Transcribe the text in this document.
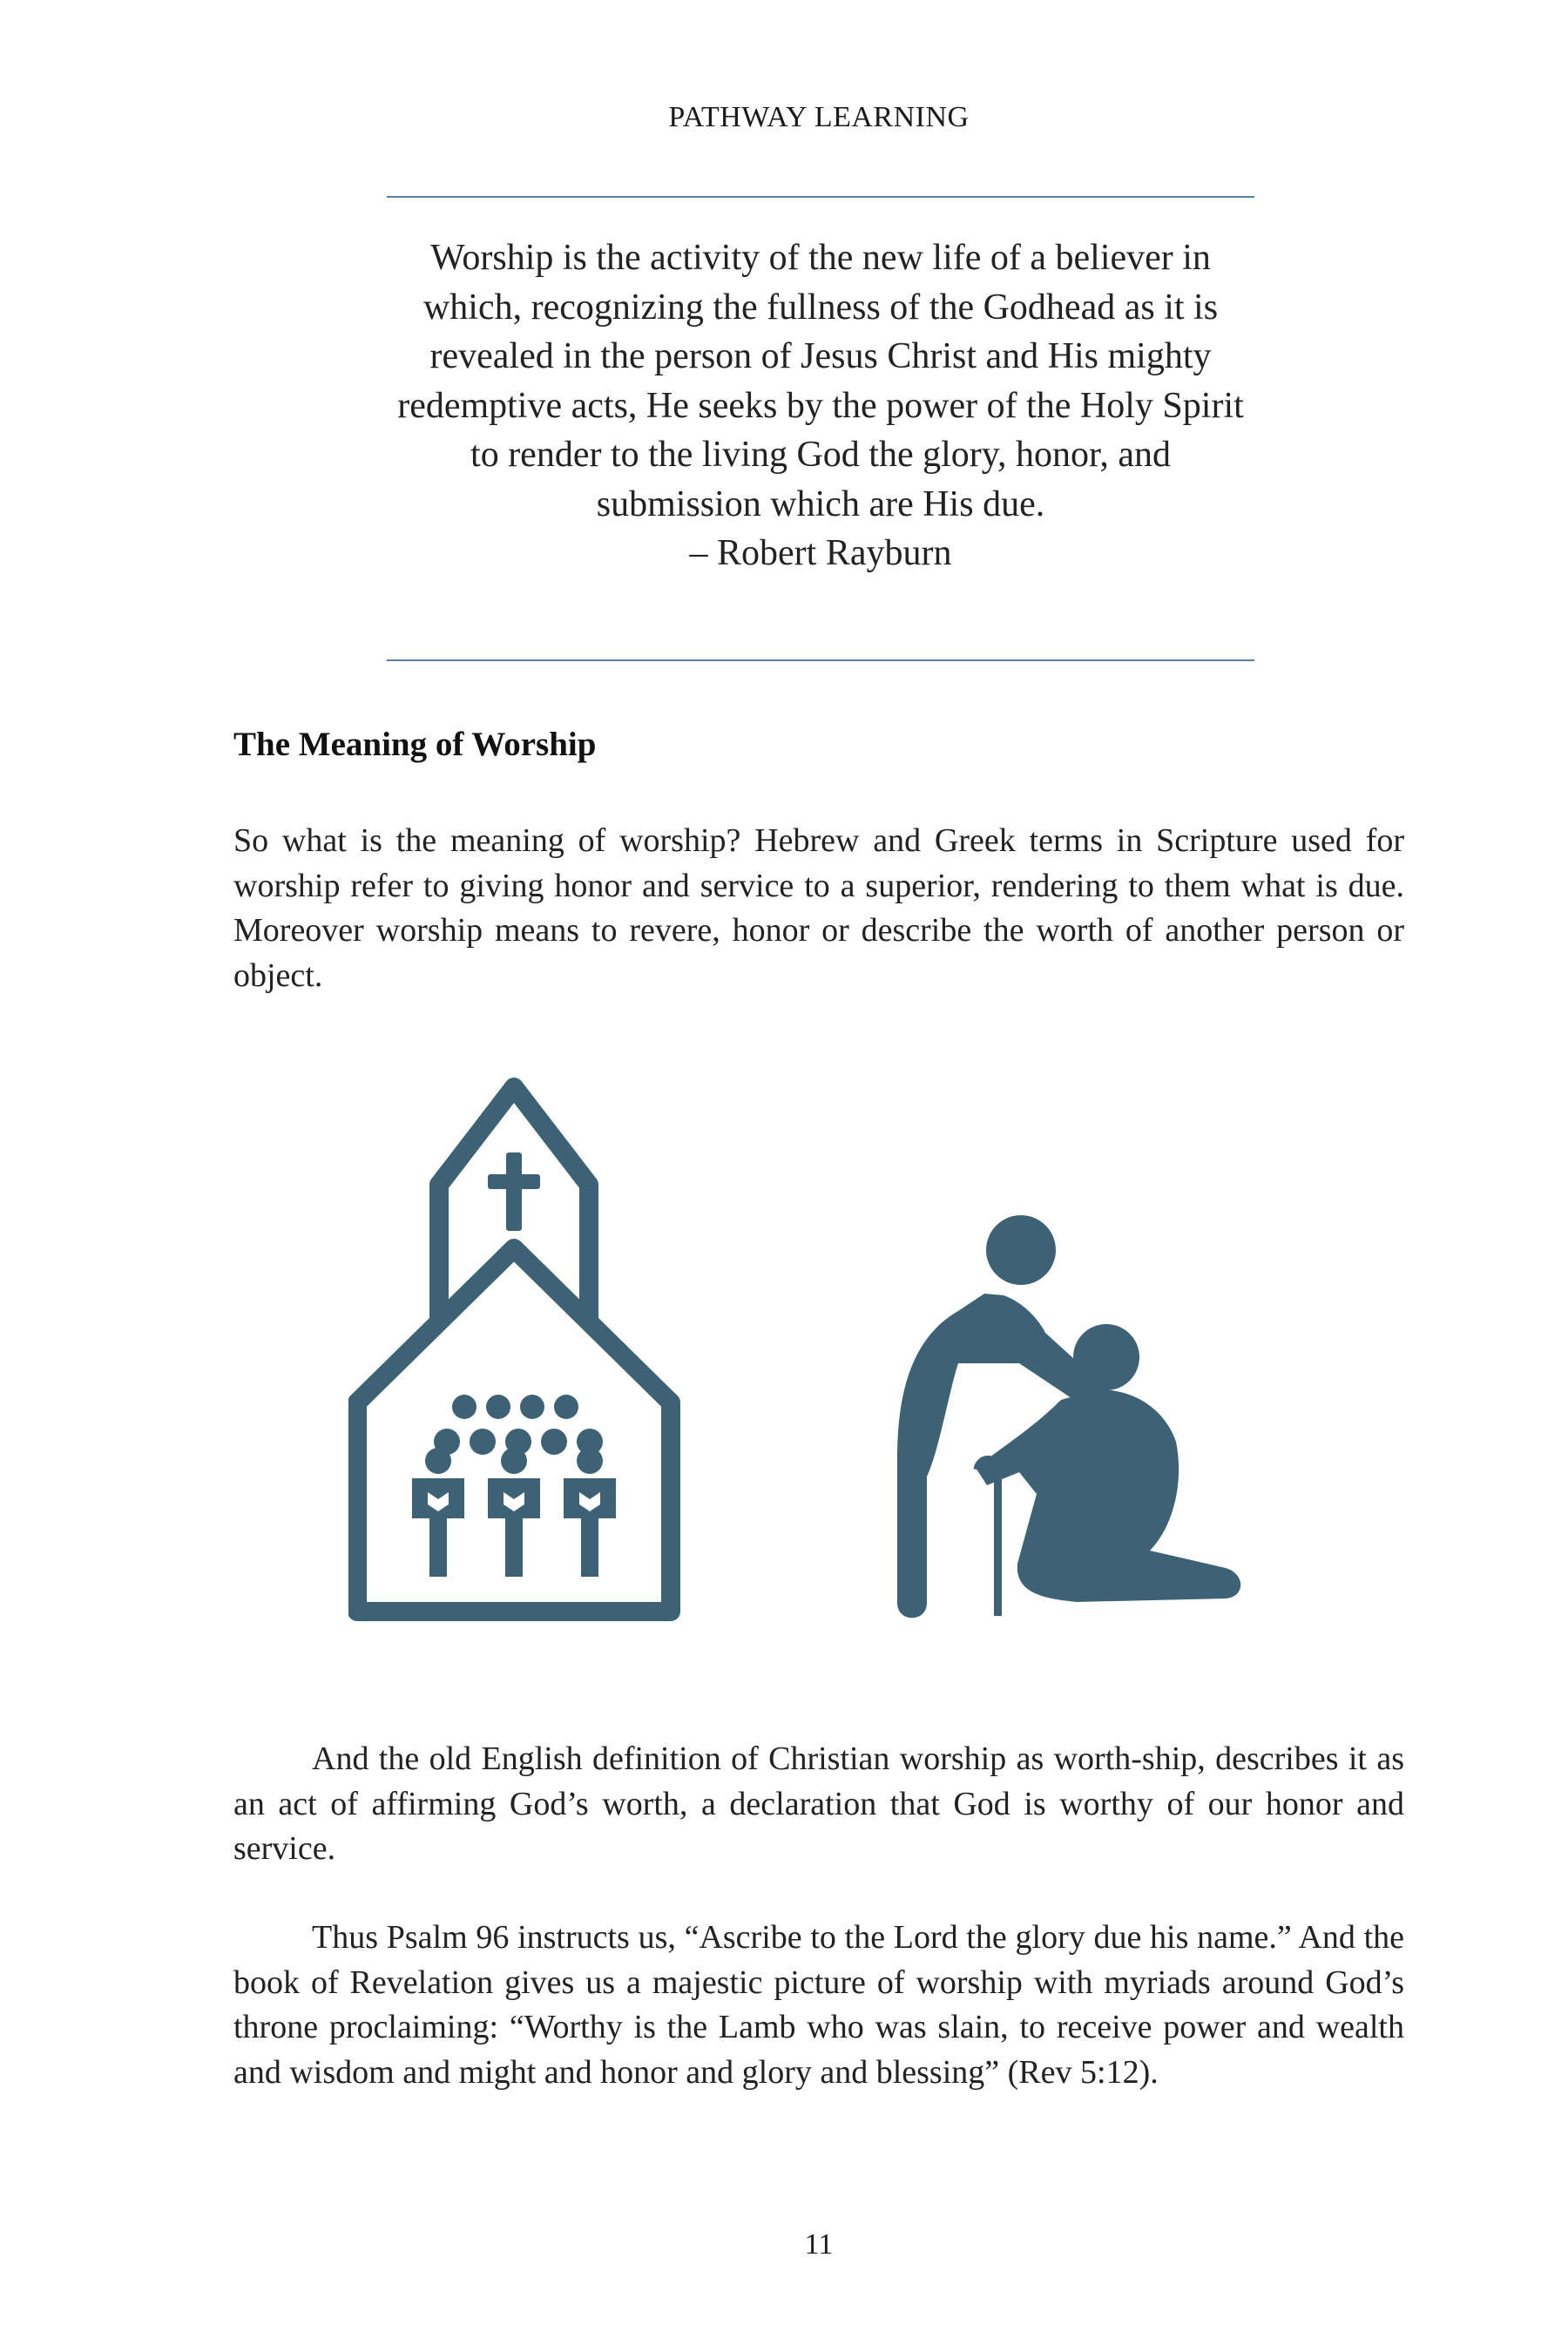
PATHWAY LEARNING

Worship is the activity of the new life of a believer in which, recognizing the fullness of the Godhead as it is revealed in the person of Jesus Christ and His mighty redemptive acts, He seeks by the power of the Holy Spirit to render to the living God the glory, honor, and submission which are His due.

– Robert Rayburn

The Meaning of Worship

So what is the meaning of worship? Hebrew and Greek terms in Scripture used for worship refer to giving honor and service to a superior, rendering to them what is due. Moreover worship means to revere, honor or describe the worth of another person or object.

And the old English definition of Christian worship as worth-ship, describes it as an act of affirming God’s worth, a declaration that God is worthy of our honor and service.

Thus Psalm 96 instructs us, “Ascribe to the Lord the glory due his name.” And the book of Revelation gives us a majestic picture of worship with myriads around God’s throne proclaiming: “Worthy is the Lamb who was slain, to receive power and wealth and wisdom and might and honor and glory and blessing” (Rev 5:12).

11
